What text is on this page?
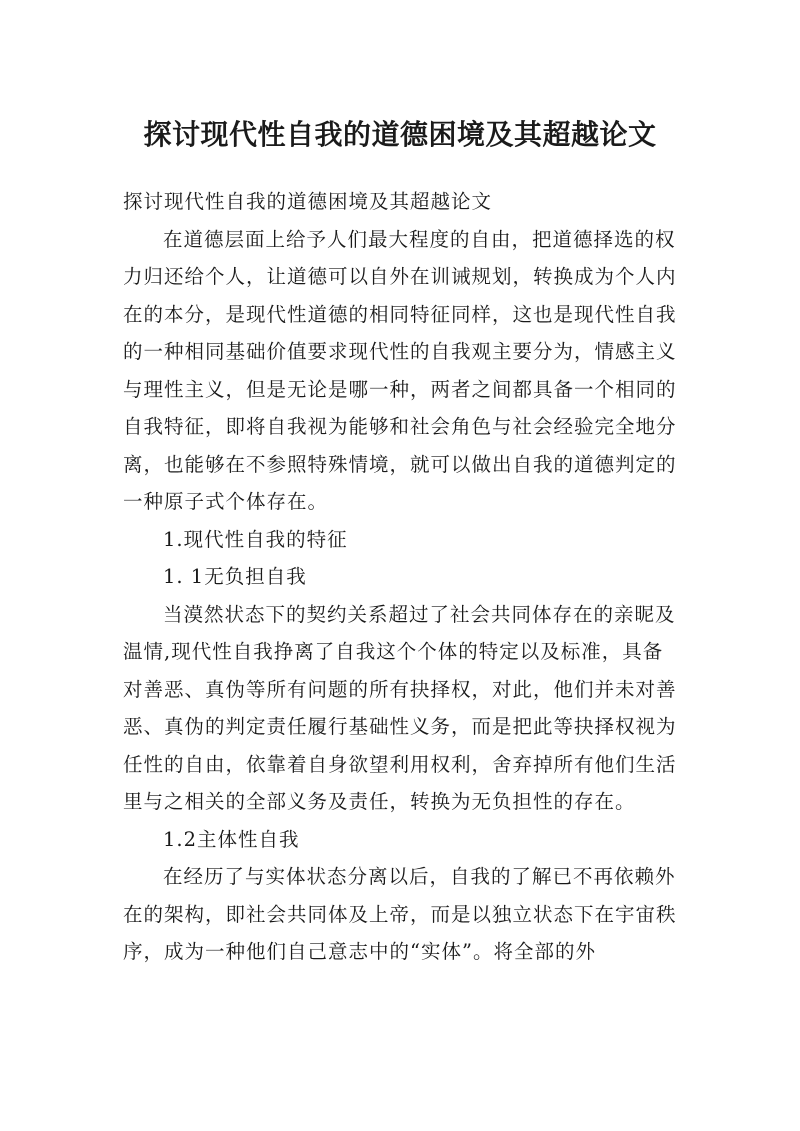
探讨现代性自我的道德困境及其超越论文

探讨现代性自我的道德困境及其超越论文

在道德层面上给予人们最大程度的自由，把道德择选的权力归还给个人，让道德可以自外在训诫规划，转换成为个人内在的本分，是现代性道德的相同特征同样，这也是现代性自我的一种相同基础价值要求现代性的自我观主要分为，情感主义与理性主义，但是无论是哪一种，两者之间都具备一个相同的自我特征，即将自我视为能够和社会角色与社会经验完全地分离，也能够在不参照特殊情境，就可以做出自我的道德判定的一种原子式个体存在。

1.现代性自我的特征

1. 1无负担自我

当漠然状态下的契约关系超过了社会共同体存在的亲昵及温情,现代性自我挣离了自我这个个体的特定以及标准，具备对善恶、真伪等所有问题的所有抉择权，对此，他们并未对善恶、真伪的判定责任履行基础性义务，而是把此等抉择权视为任性的自由，依靠着自身欲望利用权利，舍弃掉所有他们生活里与之相关的全部义务及责任，转换为无负担性的存在。

1.2主体性自我

在经历了与实体状态分离以后，自我的了解已不再依赖外在的架构，即社会共同体及上帝，而是以独立状态下在宇宙秩序，成为一种他们自己意志中的“实体”。将全部的外
